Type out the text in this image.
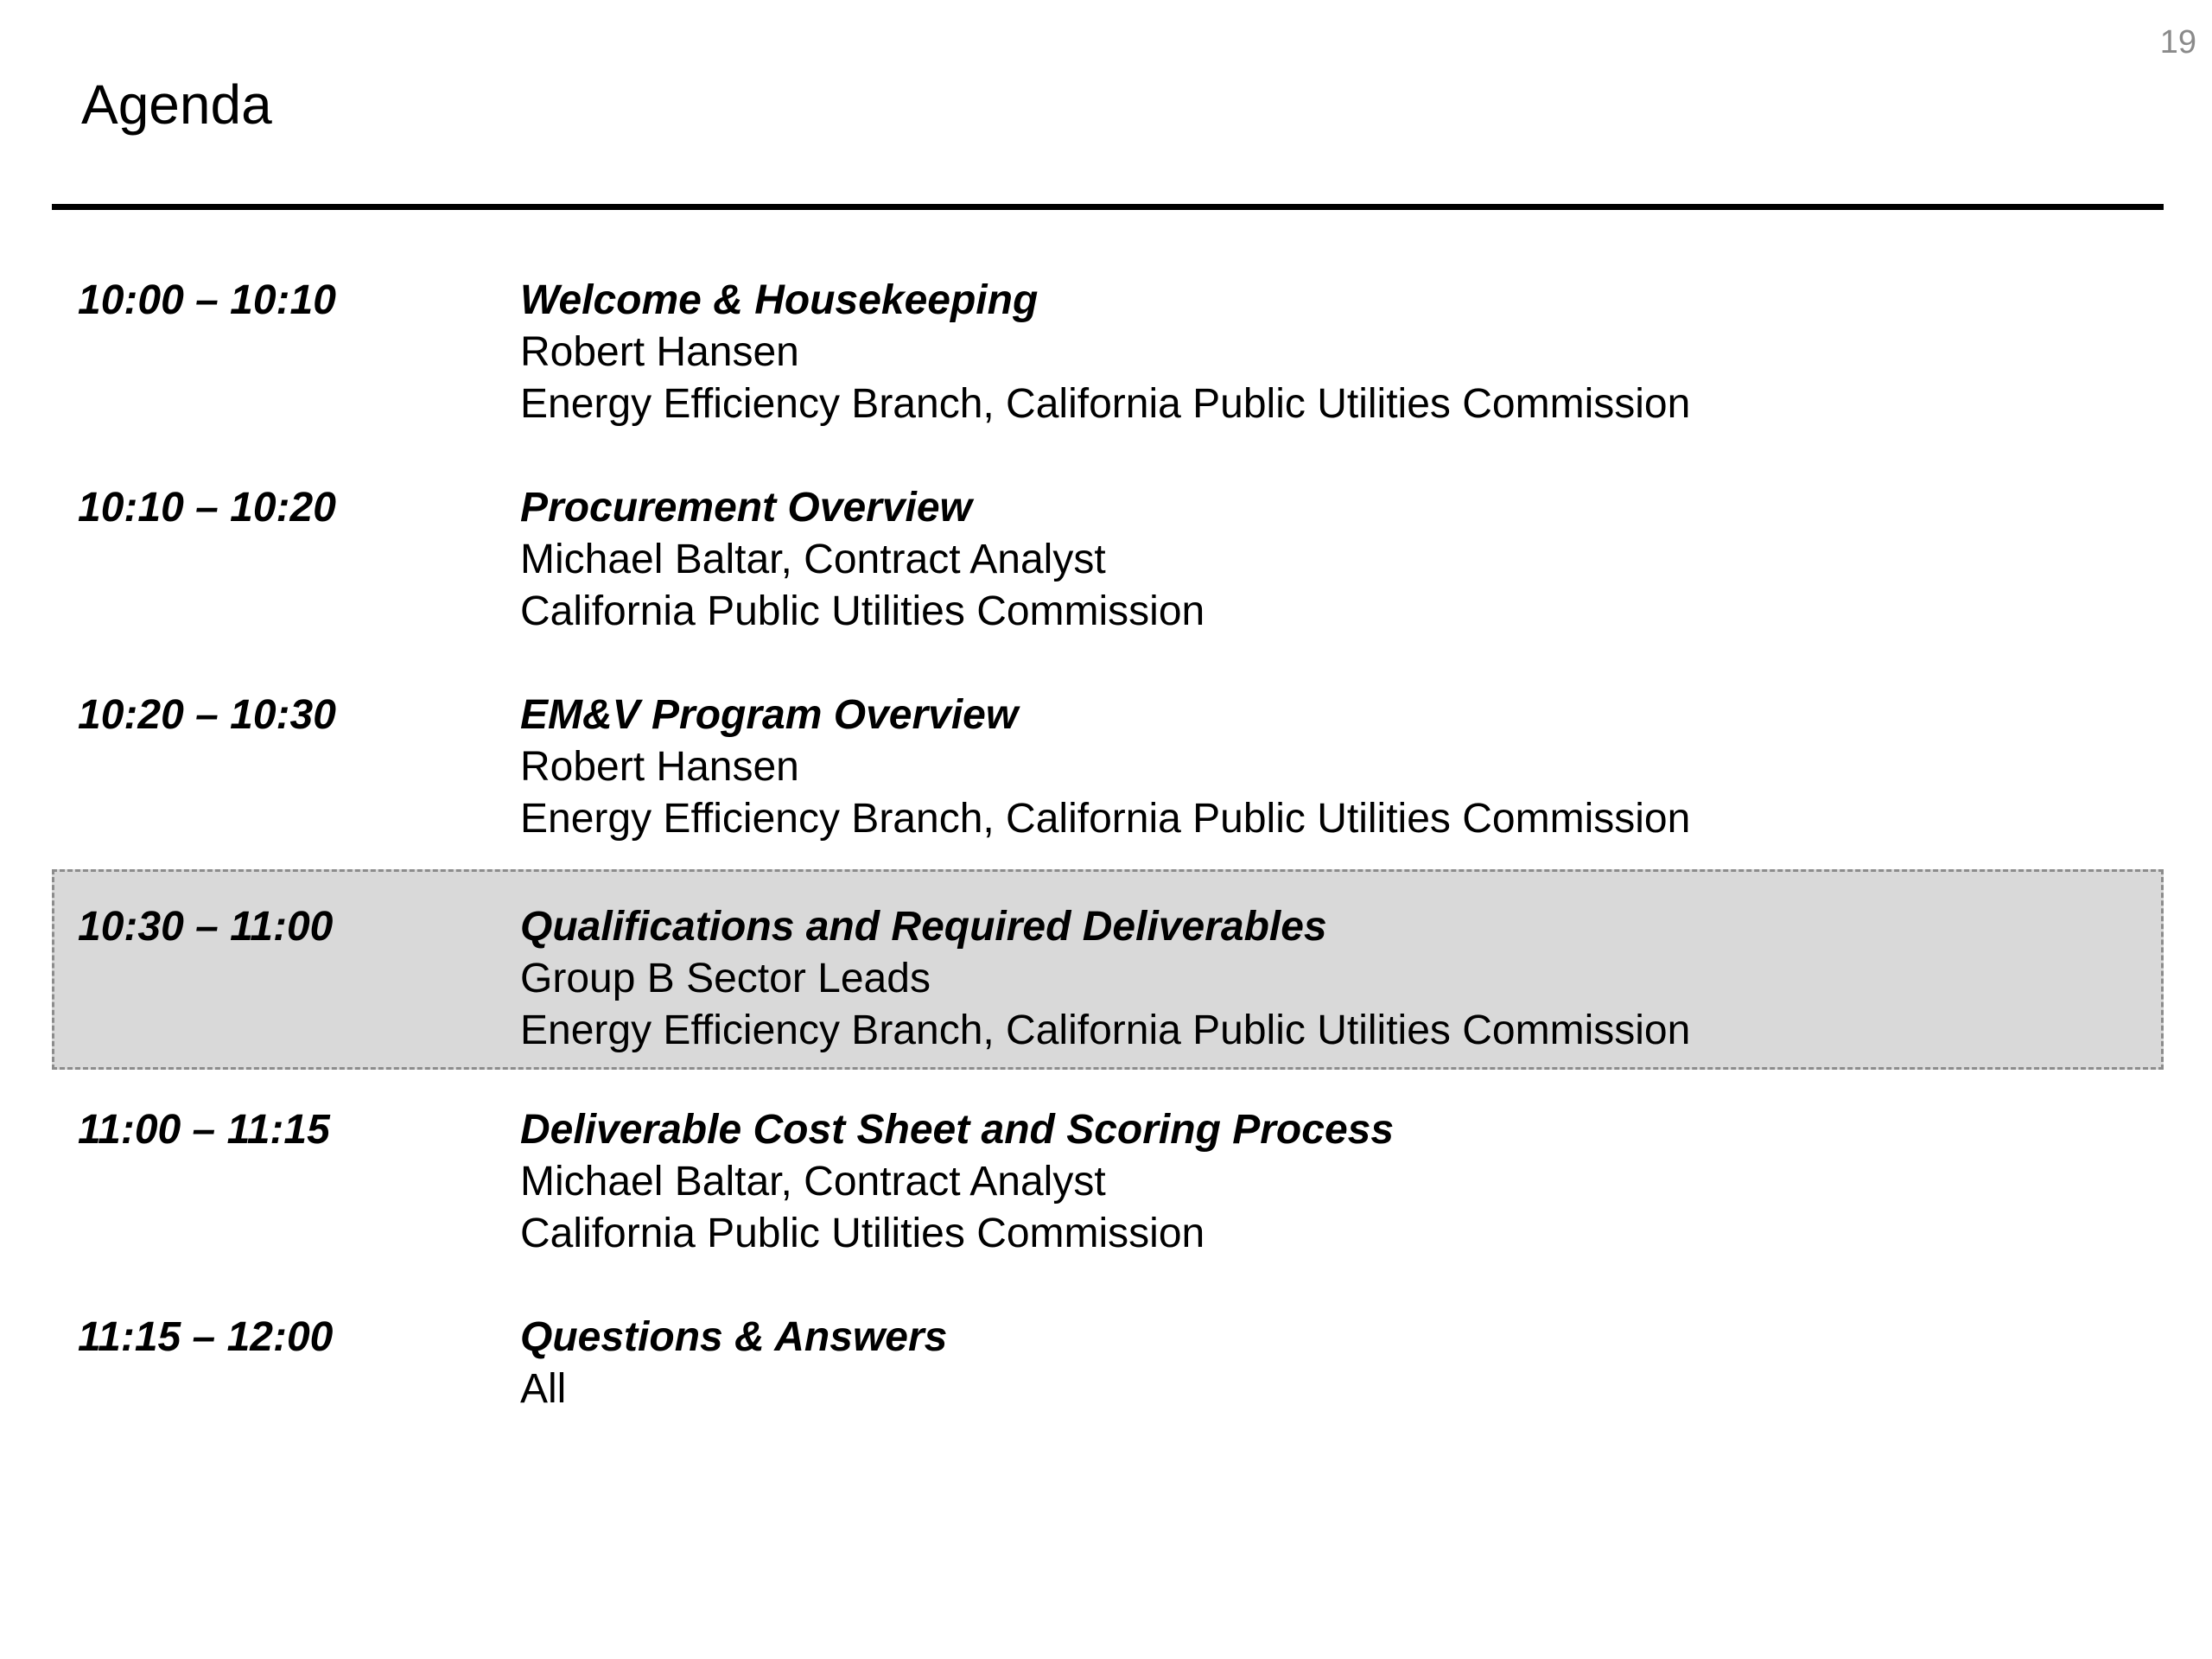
19
Agenda
10:00 – 10:10	Welcome & Housekeeping
Robert Hansen
Energy Efficiency Branch, California Public Utilities Commission
10:10 – 10:20	Procurement Overview
Michael Baltar, Contract Analyst
California Public Utilities Commission
10:20 – 10:30	EM&V Program Overview
Robert Hansen
Energy Efficiency Branch, California Public Utilities Commission
10:30 – 11:00	Qualifications and Required Deliverables
Group B Sector Leads
Energy Efficiency Branch, California Public Utilities Commission
11:00 – 11:15	Deliverable Cost Sheet and Scoring Process
Michael Baltar, Contract Analyst
California Public Utilities Commission
11:15 – 12:00	Questions & Answers
All
